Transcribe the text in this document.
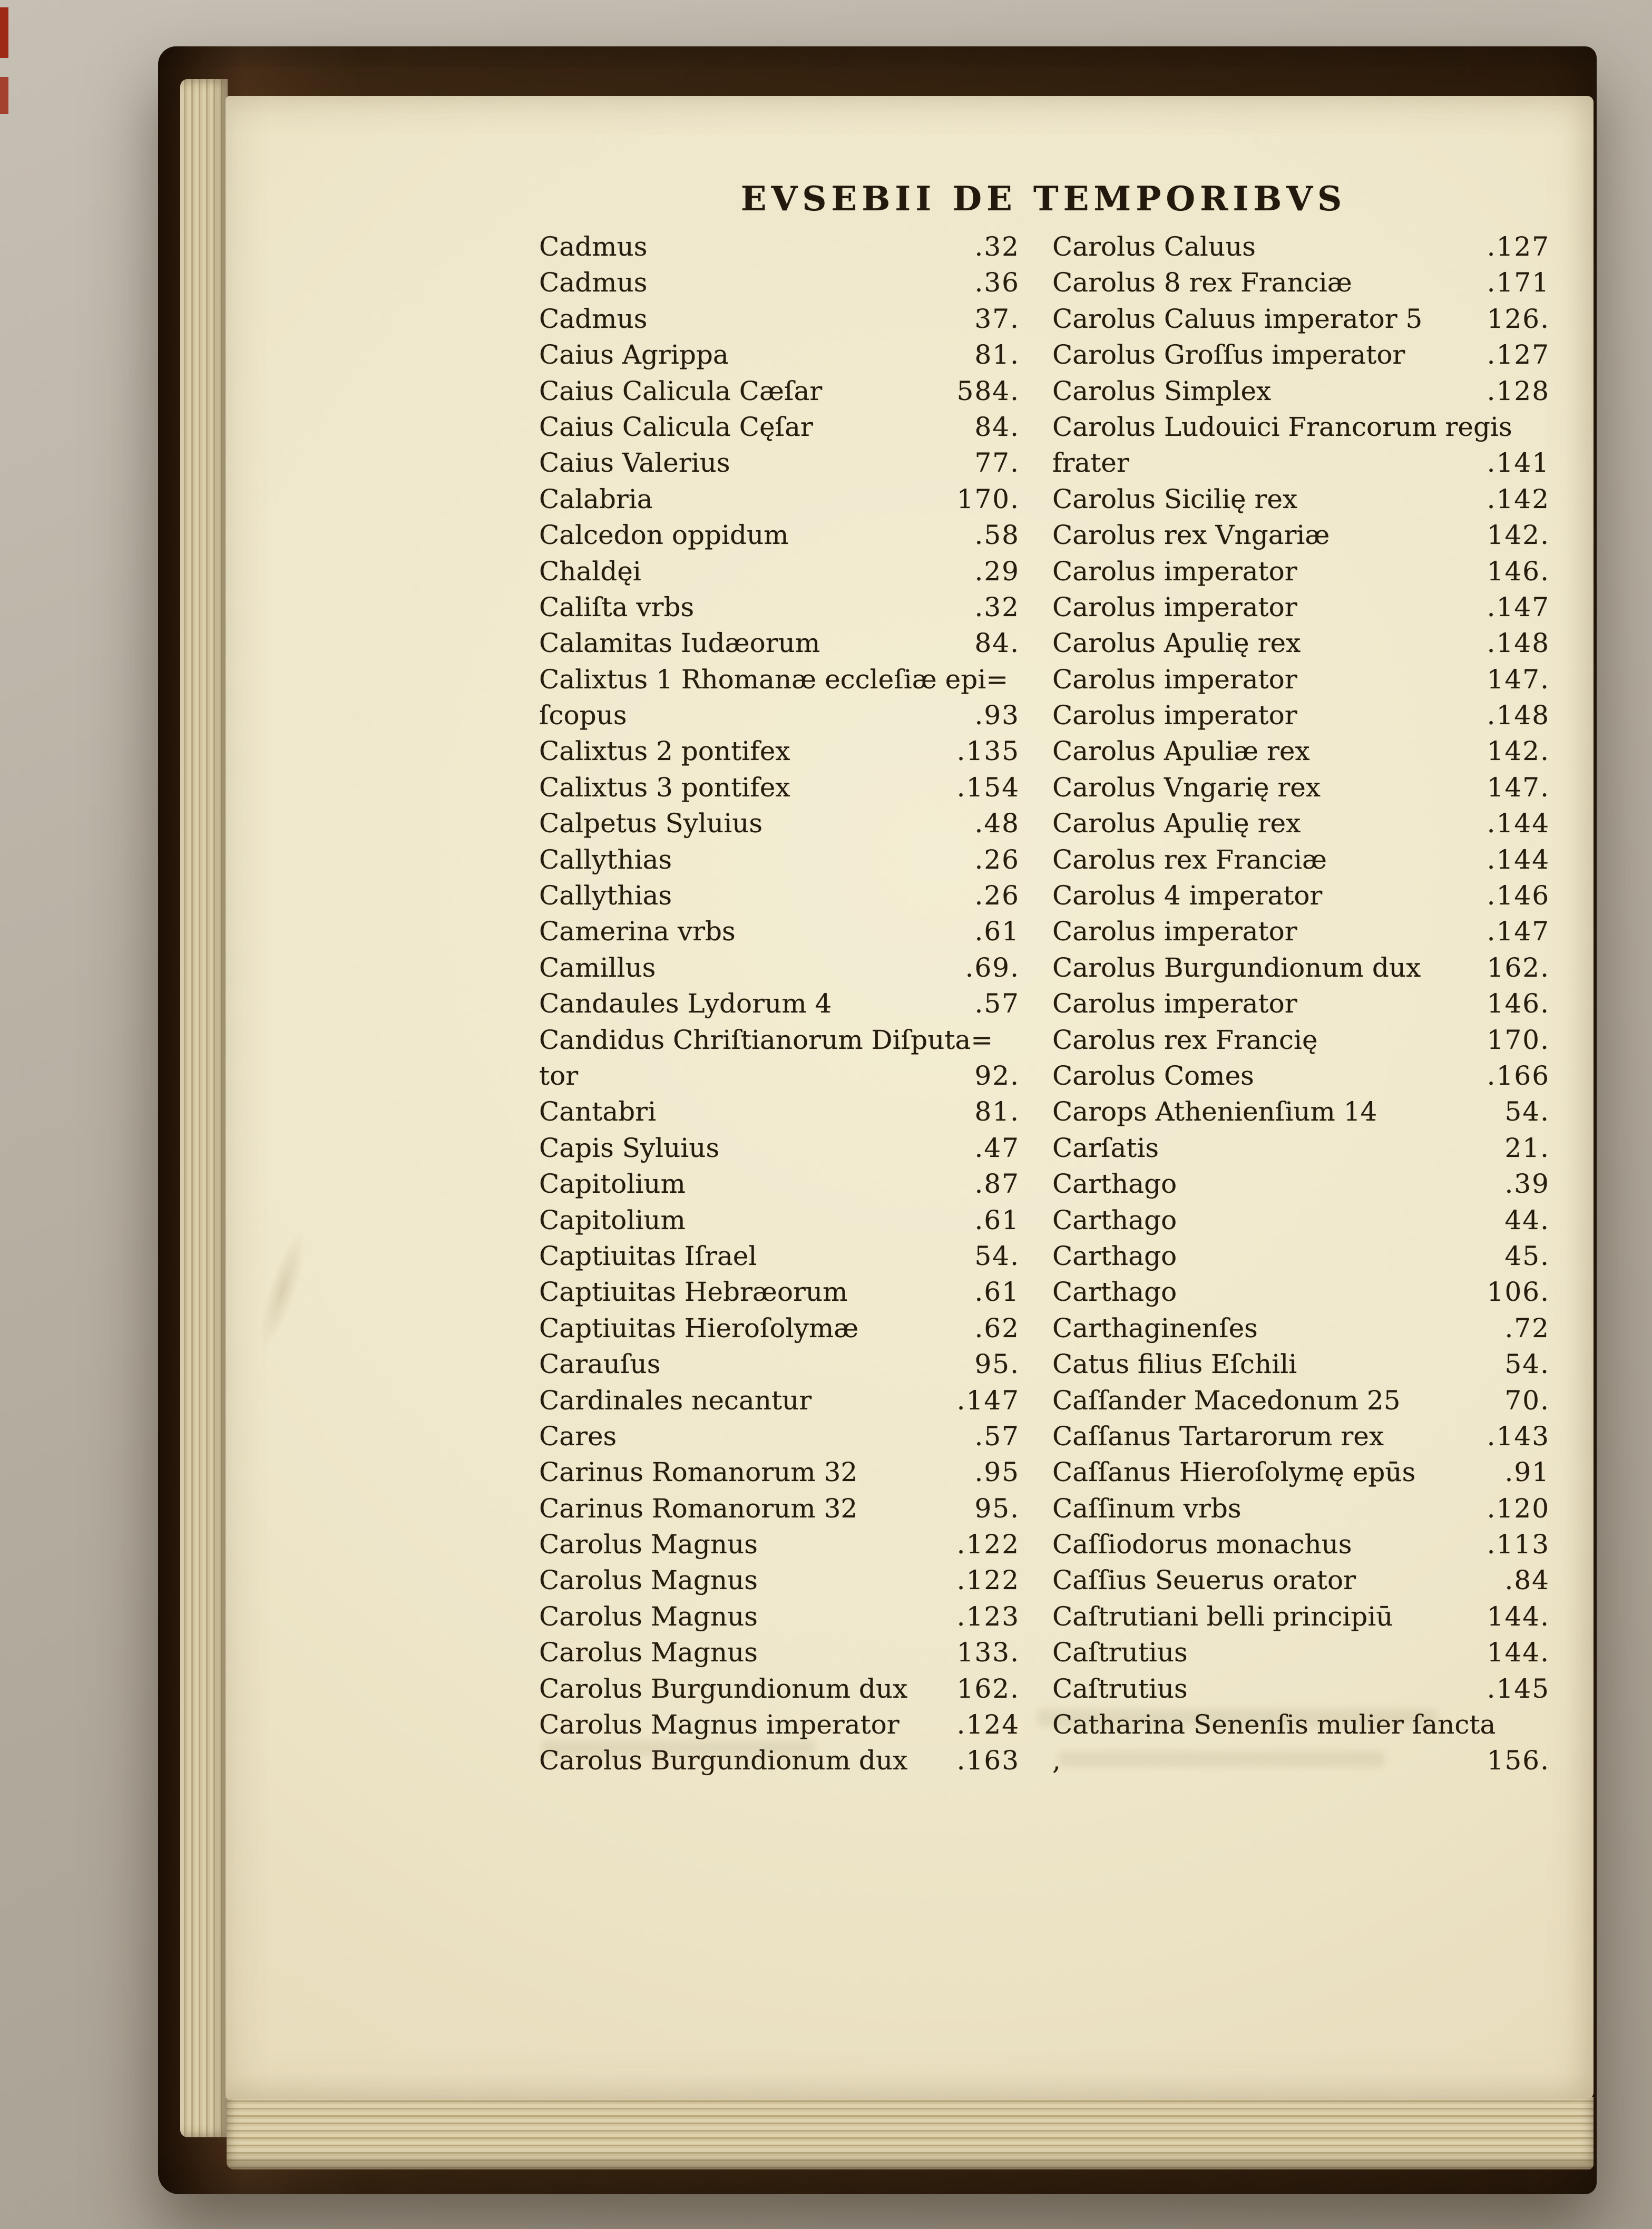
EVSEBII DE TEMPORIBVS
Cadmus	.32
Cadmus	.36
Cadmus	37.
Caius Agrippa	81.
Caius Calicula Cæſar	584.
Caius Calicula Cęſar	84.
Caius Valerius	77.
Calabria	170.
Calcedon oppidum	.58
Chaldęi	.29
Caliſta vrbs	.32
Calamitas Iudæorum	84.
Calixtus 1 Rhomanæ eccleſiæ epi=
ſcopus	.93
Calixtus 2 pontifex	.135
Calixtus 3 pontifex	.154
Calpetus Syluius	.48
Callythias	.26
Callythias	.26
Camerina vrbs	.61
Camillus	.69.
Candaules Lydorum 4	.57
Candidus Chriſtianorum Diſputa=
tor	92.
Cantabri	81.
Capis Syluius	.47
Capitolium	.87
Capitolium	.61
Captiuitas Iſrael	54.
Captiuitas Hebræorum	.61
Captiuitas Hieroſolymæ	.62
Carauſus	95.
Cardinales necantur	.147
Cares	.57
Carinus Romanorum 32	.95
Carinus Romanorum 32	95.
Carolus Magnus	.122
Carolus Magnus	.122
Carolus Magnus	.123
Carolus Magnus	133.
Carolus Burgundionum dux 162.
Carolus Magnus imperator .124
Carolus Burgundionum dux .163
Carolus Caluus	.127
Carolus 8 rex Franciæ	.171
Carolus Caluus imperator 5 126.
Carolus Groſſus imperator	.127
Carolus Simplex	.128
Carolus Ludouici Francorum regis
frater	.141
Carolus Sicilię rex	.142
Carolus rex Vngariæ	142.
Carolus imperator	146.
Carolus imperator	.147
Carolus Apulię rex	.148
Carolus imperator	147.
Carolus imperator	.148
Carolus Apuliæ rex	142.
Carolus Vngarię rex	147.
Carolus Apulię rex	.144
Carolus rex Franciæ	.144
Carolus 4 imperator	.146
Carolus imperator	.147
Carolus Burgundionum dux	162.
Carolus imperator	146.
Carolus rex Francię	170.
Carolus Comes	.166
Carops Athenienſium 14	54.
Carſatis	21.
Carthago	.39
Carthago	44.
Carthago	45.
Carthago	106.
Carthaginenſes	.72
Catus filius Eſchili	54.
Caſſander Macedonum 25	70.
Caſſanus Tartarorum rex	.143
Caſſanus Hieroſolymę epūs	.91
Caſſinum vrbs	.120
Caſſiodorus monachus	.113
Caſſius Seuerus orator	.84
Caſtrutiani belli principiū	144.
Caſtrutius	144.
Caſtrutius	.145
Catharina Senenſis mulier ſancta
,	156.
